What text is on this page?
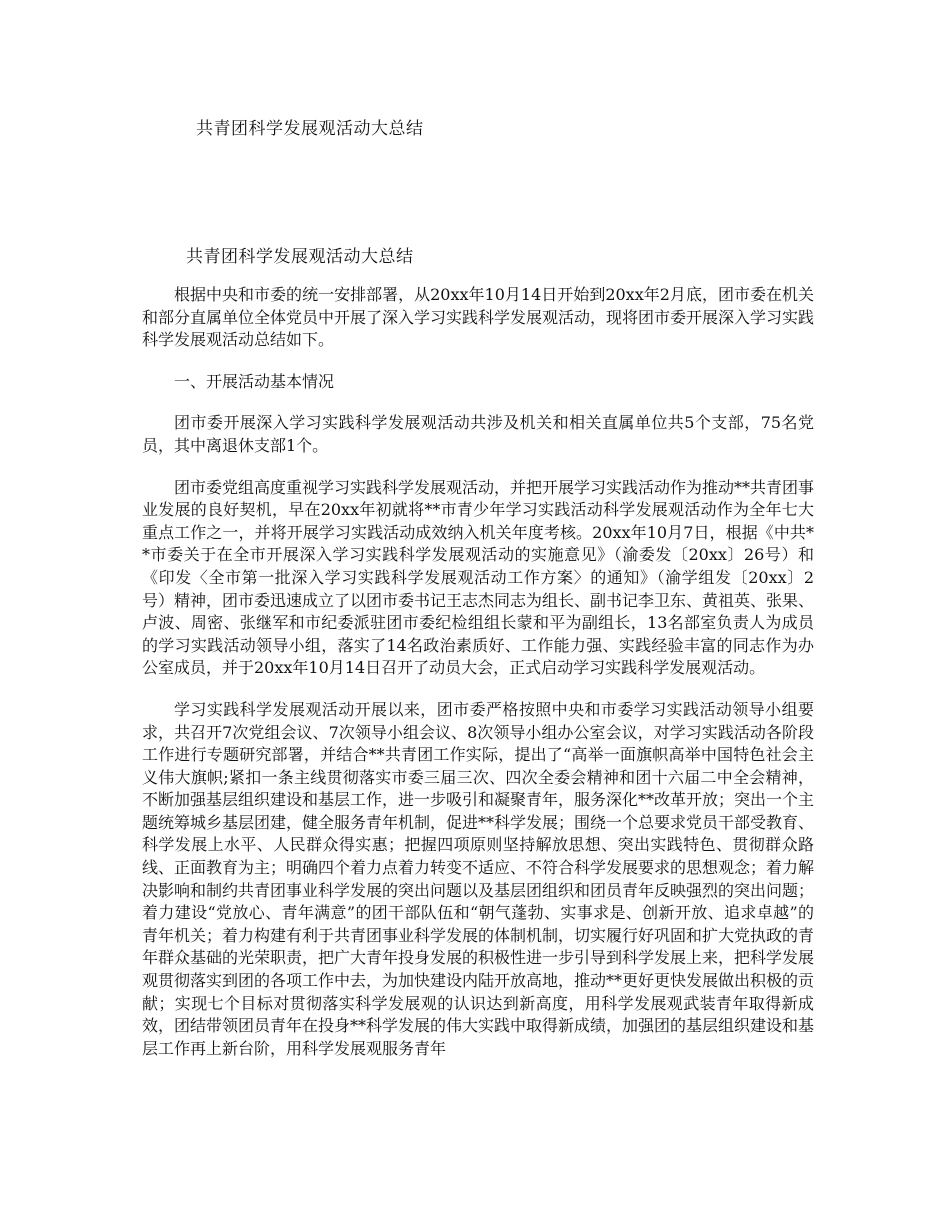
共青团科学发展观活动大总结
共青团科学发展观活动大总结

根据中央和市委的统一安排部署，从20xx年10月14日开始到20xx年2月底，团市委在机关和部分直属单位全体党员中开展了深入学习实践科学发展观活动，现将团市委开展深入学习实践科学发展观活动总结如下。

一、开展活动基本情况

团市委开展深入学习实践科学发展观活动共涉及机关和相关直属单位共5个支部，75名党员，其中离退休支部1个。

团市委党组高度重视学习实践科学发展观活动，并把开展学习实践活动作为推动**共青团事业发展的良好契机，早在20xx年初就将**市青少年学习实践活动科学发展观活动作为全年七大重点工作之一，并将开展学习实践活动成效纳入机关年度考核。20xx年10月7日，根据《中共**市委关于在全市开展深入学习实践科学发展观活动的实施意见》（渝委发〔20xx〕26号）和《印发〈全市第一批深入学习实践科学发展观活动工作方案〉的通知》（渝学组发〔20xx〕2号）精神，团市委迅速成立了以团市委书记王志杰同志为组长、副书记李卫东、黄祖英、张果、卢波、周密、张继军和市纪委派驻团市委纪检组组长蒙和平为副组长，13名部室负责人为成员的学习实践活动领导小组，落实了14名政治素质好、工作能力强、实践经验丰富的同志作为办公室成员，并于20xx年10月14日召开了动员大会，正式启动学习实践科学发展观活动。

学习实践科学发展观活动开展以来，团市委严格按照中央和市委学习实践活动领导小组要求，共召开7次党组会议、7次领导小组会议、8次领导小组办公室会议，对学习实践活动各阶段工作进行专题研究部署，并结合**共青团工作实际，提出了“高举一面旗帜高举中国特色社会主义伟大旗帜;紧扣一条主线贯彻落实市委三届三次、四次全委会精神和团十六届二中全会精神，不断加强基层组织建设和基层工作，进一步吸引和凝聚青年，服务深化**改革开放；突出一个主题统筹城乡基层团建，健全服务青年机制，促进**科学发展；围绕一个总要求党员干部受教育、科学发展上水平、人民群众得实惠；把握四项原则坚持解放思想、突出实践特色、贯彻群众路线、正面教育为主；明确四个着力点着力转变不适应、不符合科学发展要求的思想观念；着力解决影响和制约共青团事业科学发展的突出问题以及基层团组织和团员青年反映强烈的突出问题；着力建设“党放心、青年满意”的团干部队伍和“朝气蓬勃、实事求是、创新开放、追求卓越”的青年机关；着力构建有利于共青团事业科学发展的体制机制，切实履行好巩固和扩大党执政的青年群众基础的光荣职责，把广大青年投身发展的积极性进一步引导到科学发展上来，把科学发展观贯彻落实到团的各项工作中去，为加快建设内陆开放高地，推动**更好更快发展做出积极的贡献；实现七个目标对贯彻落实科学发展观的认识达到新高度，用科学发展观武装青年取得新成效，团结带领团员青年在投身**科学发展的伟大实践中取得新成绩，加强团的基层组织建设和基层工作再上新台阶，用科学发展观服务青年
